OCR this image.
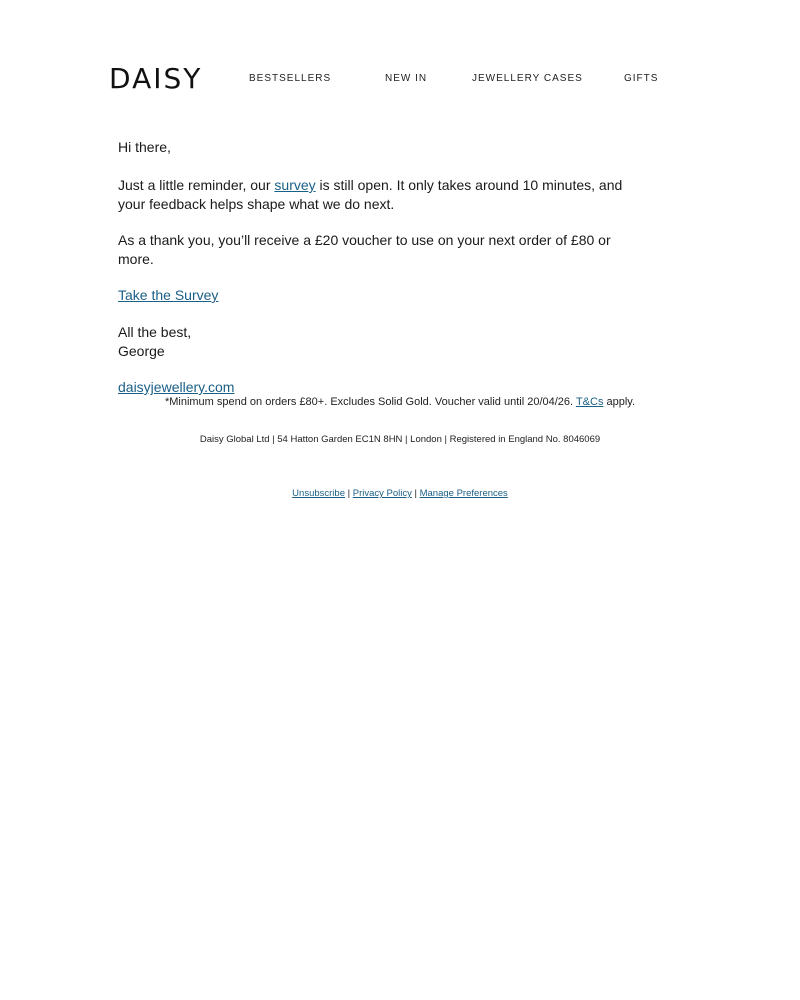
DAISY	BESTSELLERS	NEW IN	JEWELLERY CASES	GIFTS

Hi there,

Just a little reminder, our survey is still open. It only takes around 10 minutes, and your feedback helps shape what we do next.

As a thank you, you’ll receive a £20 voucher to use on your next order of £80 or more.

Take the Survey

All the best,

George

daisyjewellery.com

*Minimum spend on orders £80+. Excludes Solid Gold. Voucher valid until 20/04/26. T&Cs apply.
Daisy Global Ltd | 54 Hatton Garden EC1N 8HN | London | Registered in England No. 8046069
Unsubscribe | Privacy Policy | Manage Preferences
